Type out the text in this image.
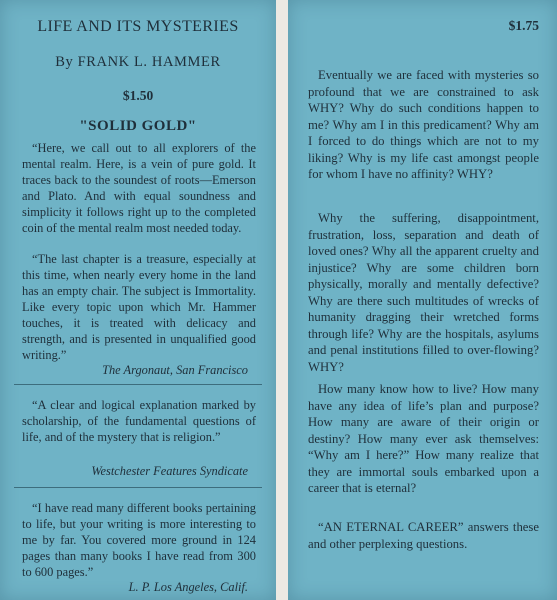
LIFE AND ITS MYSTERIES

By FRANK L. HAMMER

$1.50

"SOLID GOLD"

“Here, we call out to all explorers of the mental realm. Here, is a vein of pure gold. It traces back to the soundest of roots—Emerson and Plato. And with equal soundness and simplicity it follows right up to the completed coin of the mental realm most needed today.

“The last chapter is a treasure, especially at this time, when nearly every home in the land has an empty chair. The subject is Immortality. Like every topic upon which Mr. Hammer touches, it is treated with delicacy and strength, and is presented in unqualified good writing.”

The Argonaut, San Francisco

“A clear and logical explanation marked by scholarship, of the fundamental questions of life, and of the mystery that is religion.”

Westchester Features Syndicate

“I have read many different books pertaining to life, but your writing is more interesting to me by far. You covered more ground in 124 pages than many books I have read from 300 to 600 pages.”

L. P. Los Angeles, Calif.

$1.75

Eventually we are faced with mysteries so profound that we are constrained to ask WHY? Why do such conditions happen to me? Why am I in this predicament? Why am I forced to do things which are not to my liking? Why is my life cast amongst people for whom I have no affinity? WHY?

Why the suffering, disappointment, frustration, loss, separation and death of loved ones? Why all the apparent cruelty and injustice? Why are some children born physically, morally and mentally defective? Why are there such multitudes of wrecks of humanity dragging their wretched forms through life? Why are the hospitals, asylums and penal institutions filled to over-flowing? WHY?

How many know how to live? How many have any idea of life’s plan and purpose? How many are aware of their origin or destiny? How many ever ask themselves: “Why am I here?” How many realize that they are immortal souls embarked upon a career that is eternal?

“AN ETERNAL CAREER” answers these and other perplexing questions.
